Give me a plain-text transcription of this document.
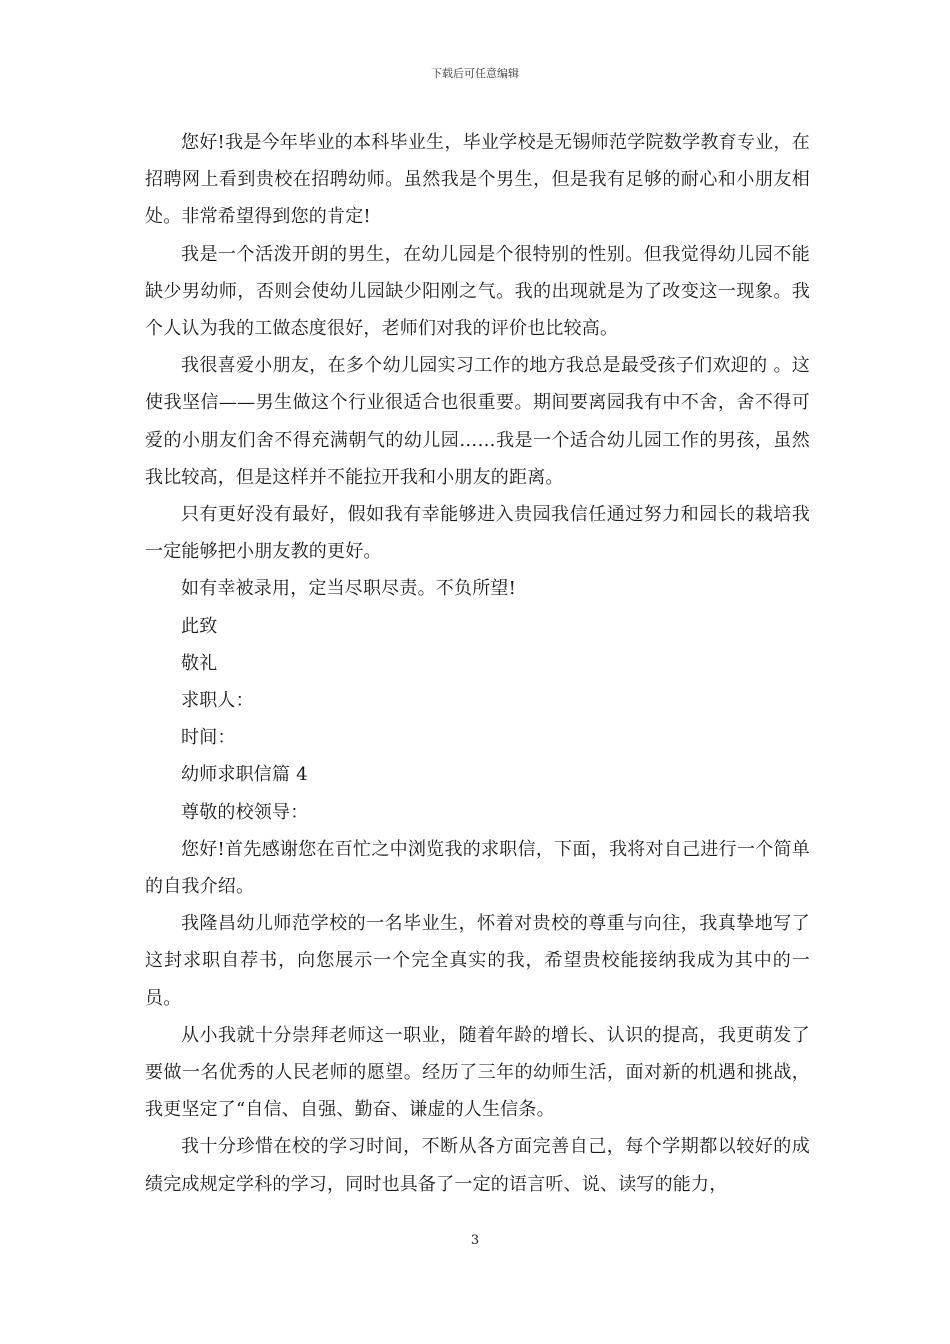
下载后可任意编辑

您好!我是今年毕业的本科毕业生，毕业学校是无锡师范学院数学教育专业，在招聘网上看到贵校在招聘幼师。虽然我是个男生，但是我有足够的耐心和小朋友相处。非常希望得到您的肯定!

我是一个活泼开朗的男生，在幼儿园是个很特别的性别。但我觉得幼儿园不能缺少男幼师，否则会使幼儿园缺少阳刚之气。我的出现就是为了改变这一现象。我个人认为我的工做态度很好，老师们对我的评价也比较高。

我很喜爱小朋友，在多个幼儿园实习工作的地方我总是最受孩子们欢迎的 。这使我坚信——男生做这个行业很适合也很重要。期间要离园我有中不舍，舍不得可爱的小朋友们舍不得充满朝气的幼儿园……我是一个适合幼儿园工作的男孩，虽然我比较高，但是这样并不能拉开我和小朋友的距离。

只有更好没有最好，假如我有幸能够进入贵园我信任通过努力和园长的栽培我一定能够把小朋友教的更好。

如有幸被录用，定当尽职尽责。不负所望!

此致

敬礼

求职人：

时间：

幼师求职信篇 4

尊敬的校领导：

您好!首先感谢您在百忙之中浏览我的求职信，下面，我将对自己进行一个简单的自我介绍。

我隆昌幼儿师范学校的一名毕业生，怀着对贵校的尊重与向往，我真挚地写了这封求职自荐书，向您展示一个完全真实的我，希望贵校能接纳我成为其中的一员。

从小我就十分崇拜老师这一职业，随着年龄的增长、认识的提高，我更萌发了要做一名优秀的人民老师的愿望。经历了三年的幼师生活，面对新的机遇和挑战，我更坚定了“自信、自强、勤奋、谦虚的人生信条。

我十分珍惜在校的学习时间，不断从各方面完善自己，每个学期都以较好的成绩完成规定学科的学习，同时也具备了一定的语言听、说、读写的能力，

3
